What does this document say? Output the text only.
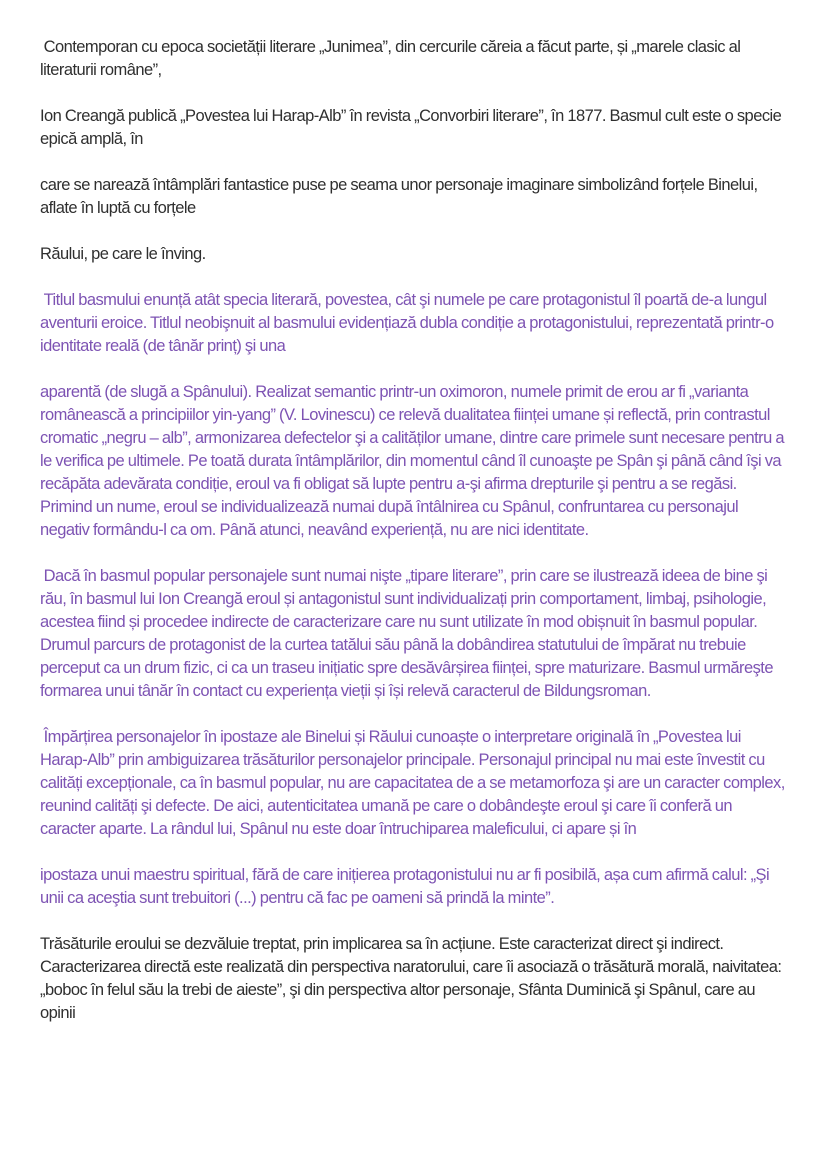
Contemporan cu epoca societății literare „Junimea”, din cercurile căreia a făcut parte, și „marele clasic al literaturii române”,

Ion Creangă publică „Povestea lui Harap-Alb” în revista „Convorbiri literare”, în 1877. Basmul cult este o specie epică amplă, în

care se narează întâmplări fantastice puse pe seama unor personaje imaginare simbolizând forțele Binelui, aflate în luptă cu forțele

Răului, pe care le înving.

Titlul basmului enunță atât specia literară, povestea, cât şi numele pe care protagonistul îl poartă de-a lungul aventurii eroice. Titlul neobişnuit al basmului evidențiază dubla condiție a protagonistului, reprezentată printr-o identitate reală (de tânăr prinț) şi una

aparentă (de slugă a Spânului). Realizat semantic printr-un oximoron, numele primit de erou ar fi „varianta românească a principiilor yin-yang” (V. Lovinescu) ce relevă dualitatea ființei umane și reflectă, prin contrastul cromatic „negru – alb”, armonizarea defectelor şi a calităților umane, dintre care primele sunt necesare pentru a le verifica pe ultimele. Pe toată durata întâmplărilor, din momentul când îl cunoaşte pe Spân şi până când îşi va recăpăta adevărata condiție, eroul va fi obligat să lupte pentru a-şi afirma drepturile şi pentru a se regăsi. Primind un nume, eroul se individualizează numai după întâlnirea cu Spânul, confruntarea cu personajul negativ formându-l ca om. Până atunci, neavând experiență, nu are nici identitate.

Dacă în basmul popular personajele sunt numai nişte „tipare literare”, prin care se ilustrează ideea de bine şi rău, în basmul lui Ion Creangă eroul și antagonistul sunt individualizați prin comportament, limbaj, psihologie, acestea fiind și procedee indirecte de caracterizare care nu sunt utilizate în mod obișnuit în basmul popular. Drumul parcurs de protagonist de la curtea tatălui său până la dobândirea statutului de împărat nu trebuie perceput ca un drum fizic, ci ca un traseu inițiatic spre desăvârșirea ființei, spre maturizare. Basmul urmăreşte formarea unui tânăr în contact cu experiența vieții și își relevă caracterul de Bildungsroman.

Împărțirea personajelor în ipostaze ale Binelui și Răului cunoaște o interpretare originală în „Povestea lui Harap-Alb” prin ambiguizarea trăsăturilor personajelor principale. Personajul principal nu mai este învestit cu calități excepționale, ca în basmul popular, nu are capacitatea de a se metamorfoza şi are un caracter complex, reunind calități şi defecte. De aici, autenticitatea umană pe care o dobândeşte eroul şi care îi conferă un caracter aparte. La rândul lui, Spânul nu este doar întruchiparea maleficului, ci apare și în

ipostaza unui maestru spiritual, fără de care inițierea protagonistului nu ar fi posibilă, așa cum afirmă calul: „Şi unii ca aceştia sunt trebuitori (...) pentru că fac pe oameni să prindă la minte”.

Trăsăturile eroului se dezvăluie treptat, prin implicarea sa în acțiune. Este caracterizat direct şi indirect. Caracterizarea directă este realizată din perspectiva naratorului, care îi asociază o trăsătură morală, naivitatea: „boboc în felul său la trebi de aieste”, şi din perspectiva altor personaje, Sfânta Duminică şi Spânul, care au opinii
